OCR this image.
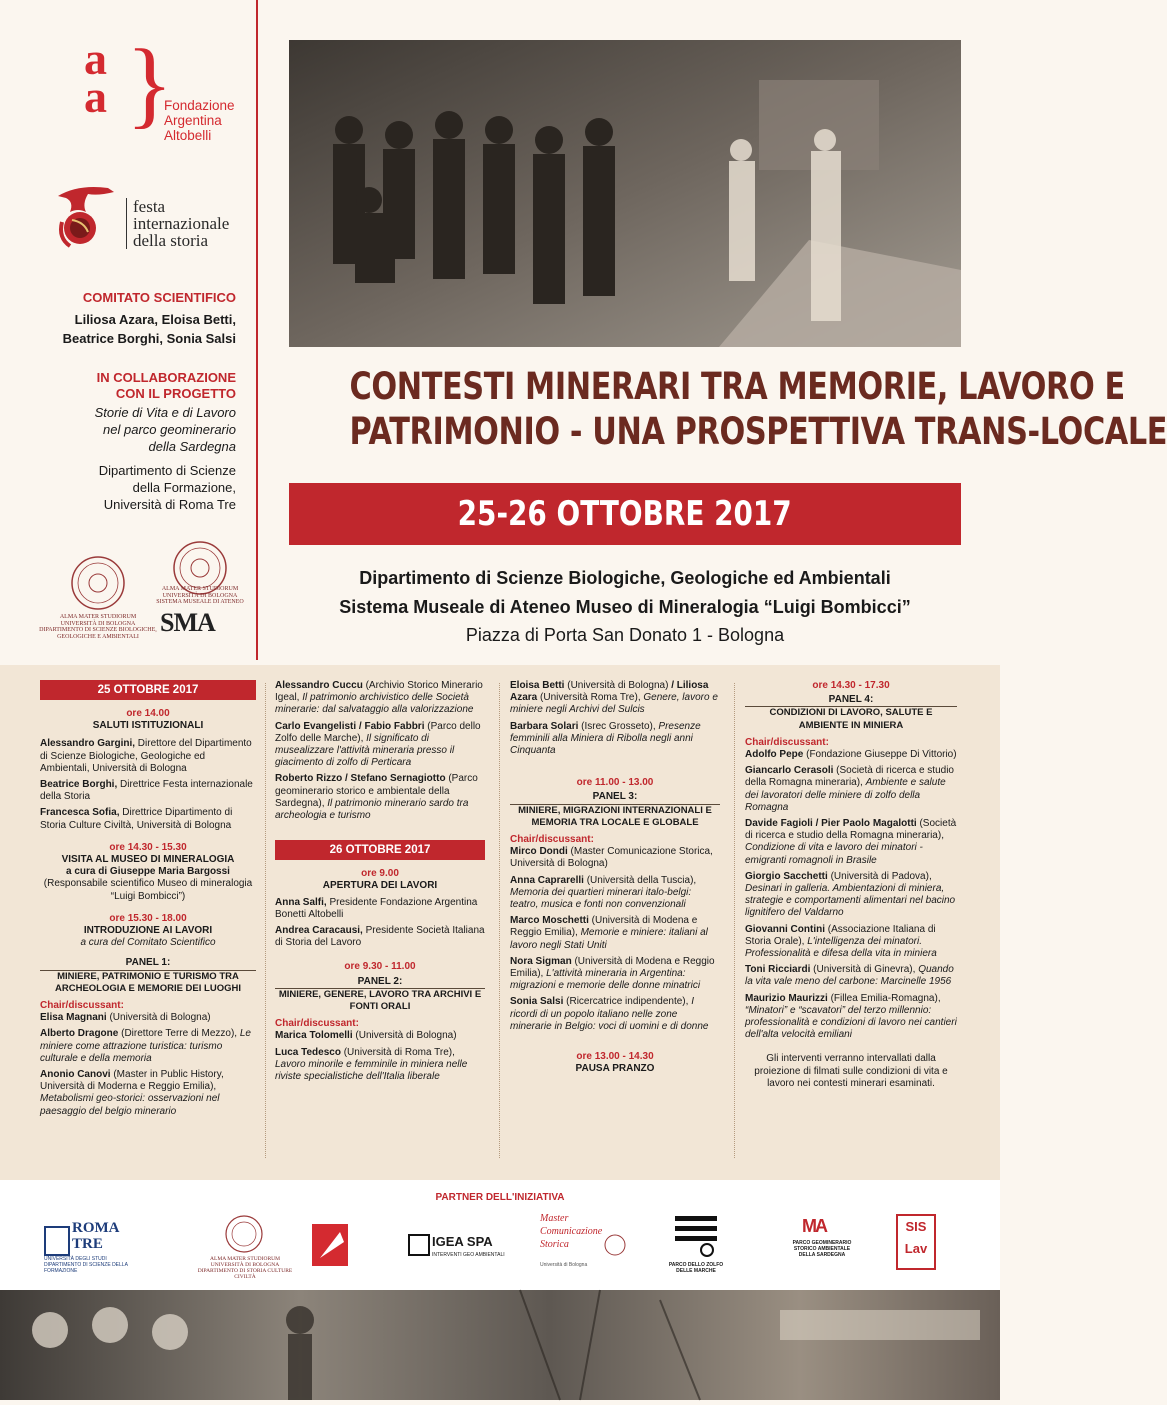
a
a }
Fondazione
Argentina
Altobelli
festa
internazionale
della storia
COMITATO SCIENTIFICO
Liliosa Azara, Eloisa Betti,
Beatrice Borghi, Sonia Salsi
IN COLLABORAZIONE
CON IL PROGETTO
Storie di Vita e di Lavoro
nel parco geominerario
della Sardegna
Dipartimento di Scienze
della Formazione,
Università di Roma Tre
ALMA MATER STUDIORUM
UNIVERSITÀ DI BOLOGNA
DIPARTIMENTO DI SCIENZE BIOLOGICHE,
GEOLOGICHE E AMBIENTALI
ALMA MATER STUDIORUM
UNIVERSITÀ DI BOLOGNA
SISTEMA MUSEALE DI ATENEO
SMA
CONTESTI MINERARI TRA MEMORIE, LAVORO E
PATRIMONIO - UNA PROSPETTIVA TRANS-LOCALE
25-26 OTTOBRE 2017
Dipartimento di Scienze Biologiche, Geologiche ed Ambientali
Sistema Museale di Ateneo Museo di Mineralogia “Luigi Bombicci”
Piazza di Porta San Donato 1 - Bologna
25 OTTOBRE 2017
ore 14.00
SALUTI ISTITUZIONALI
Alessandro Gargini, Direttore del Dipartimento di Scienze Biologiche, Geologiche ed Ambientali, Università di Bologna
Beatrice Borghi, Direttrice Festa internazionale della Storia
Francesca Sofia, Direttrice Dipartimento di Storia Culture Civiltà, Università di Bologna
ore 14.30 - 15.30
VISITA AL MUSEO DI MINERALOGIA
a cura di Giuseppe Maria Bargossi
(Responsabile scientifico Museo di mineralogia “Luigi Bombicci”)
ore 15.30 - 18.00
INTRODUZIONE AI LAVORI
a cura del Comitato Scientifico
PANEL 1:
MINIERE, PATRIMONIO E TURISMO TRA ARCHEOLOGIA E MEMORIE DEI LUOGHI
Chair/discussant:
Elisa Magnani (Università di Bologna)
Alberto Dragone (Direttore Terre di Mezzo), Le miniere come attrazione turistica: turismo culturale e della memoria
Anonio Canovi (Master in Public History, Università di Moderna e Reggio Emilia), Metabolismi geo-storici: osservazioni nel paesaggio del belgio minerario
Alessandro Cuccu (Archivio Storico Minerario Igeal, Il patrimonio archivistico delle Società minerarie: dal salvataggio alla valorizzazione
Carlo Evangelisti / Fabio Fabbri (Parco dello Zolfo delle Marche), Il significato di musealizzare l'attività mineraria presso il giacimento di zolfo di Perticara
Roberto Rizzo / Stefano Sernagiotto (Parco geominerario storico e ambientale della Sardegna), Il patrimonio minerario sardo tra archeologia e turismo
26 OTTOBRE 2017
ore 9.00
APERTURA DEI LAVORI
Anna Salfi, Presidente Fondazione Argentina Bonetti Altobelli
Andrea Caracausi, Presidente Società Italiana di Storia del Lavoro
ore 9.30 - 11.00
PANEL 2:
MINIERE, GENERE, LAVORO TRA ARCHIVI E FONTI ORALI
Chair/discussant:
Marica Tolomelli (Università di Bologna)
Luca Tedesco (Università di Roma Tre), Lavoro minorile e femminile in miniera nelle riviste specialistiche dell'Italia liberale
Eloisa Betti (Università di Bologna) / Liliosa Azara (Università Roma Tre), Genere, lavoro e miniere negli Archivi del Sulcis
Barbara Solari (Isrec Grosseto), Presenze femminili alla Miniera di Ribolla negli anni Cinquanta
ore 11.00 - 13.00
PANEL 3:
MINIERE, MIGRAZIONI INTERNAZIONALI E MEMORIA TRA LOCALE E GLOBALE
Chair/discussant:
Mirco Dondi (Master Comunicazione Storica, Università di Bologna)
Anna Caprarelli (Università della Tuscia), Memoria dei quartieri minerari italo-belgi: teatro, musica e fonti non convenzionali
Marco Moschetti (Università di Modena e Reggio Emilia), Memorie e miniere: italiani al lavoro negli Stati Uniti
Nora Sigman (Università di Modena e Reggio Emilia), L'attività mineraria in Argentina: migrazioni e memorie delle donne minatrici
Sonia Salsi (Ricercatrice indipendente), I ricordi di un popolo italiano nelle zone minerarie in Belgio: voci di uomini e di donne
ore 13.00 - 14.30
PAUSA PRANZO
ore 14.30 - 17.30
PANEL 4:
CONDIZIONI DI LAVORO, SALUTE E AMBIENTE IN MINIERA
Chair/discussant:
Adolfo Pepe (Fondazione Giuseppe Di Vittorio)
Giancarlo Cerasoli (Società di ricerca e studio della Romagna mineraria), Ambiente e salute dei lavoratori delle miniere di zolfo della Romagna
Davide Fagioli / Pier Paolo Magalotti (Società di ricerca e studio della Romagna mineraria), Condizione di vita e lavoro dei minatori - emigranti romagnoli in Brasile
Giorgio Sacchetti (Università di Padova), Desinari in galleria. Ambientazioni di miniera, strategie e comportamenti alimentari nel bacino lignitifero del Valdarno
Giovanni Contini (Associazione Italiana di Storia Orale), L'intelligenza dei minatori. Professionalità e difesa della vita in miniera
Toni Ricciardi (Università di Ginevra), Quando la vita vale meno del carbone: Marcinelle 1956
Maurizio Maurizzi (Fillea Emilia-Romagna), “Minatori” e “scavatori” del terzo millennio: professionalità e condizioni di lavoro nei cantieri dell'alta velocità emiliani
Gli interventi verranno intervallati dalla proiezione di filmati sulle condizioni di vita e lavoro nei contesti minerari esaminati.
PARTNER DELL'INIZIATIVA
ROMA
TRE
UNIVERSITÀ DEGLI STUDI
DIPARTIMENTO DI SCIENZE DELLA FORMAZIONE
ALMA MATER STUDIORUM
UNIVERSITÀ DI BOLOGNA
DIPARTIMENTO DI STORIA CULTURE CIVILTÀ
IGEA SPA
INTERVENTI GEO AMBIENTALI
Master
Comunicazione
Storica
Università di Bologna	PARCO DELLO ZOLFO
DELLE MARCHE
MA
PARCO GEOMINERARIO
STORICO AMBIENTALE
DELLA SARDEGNA
SIS
Lav
